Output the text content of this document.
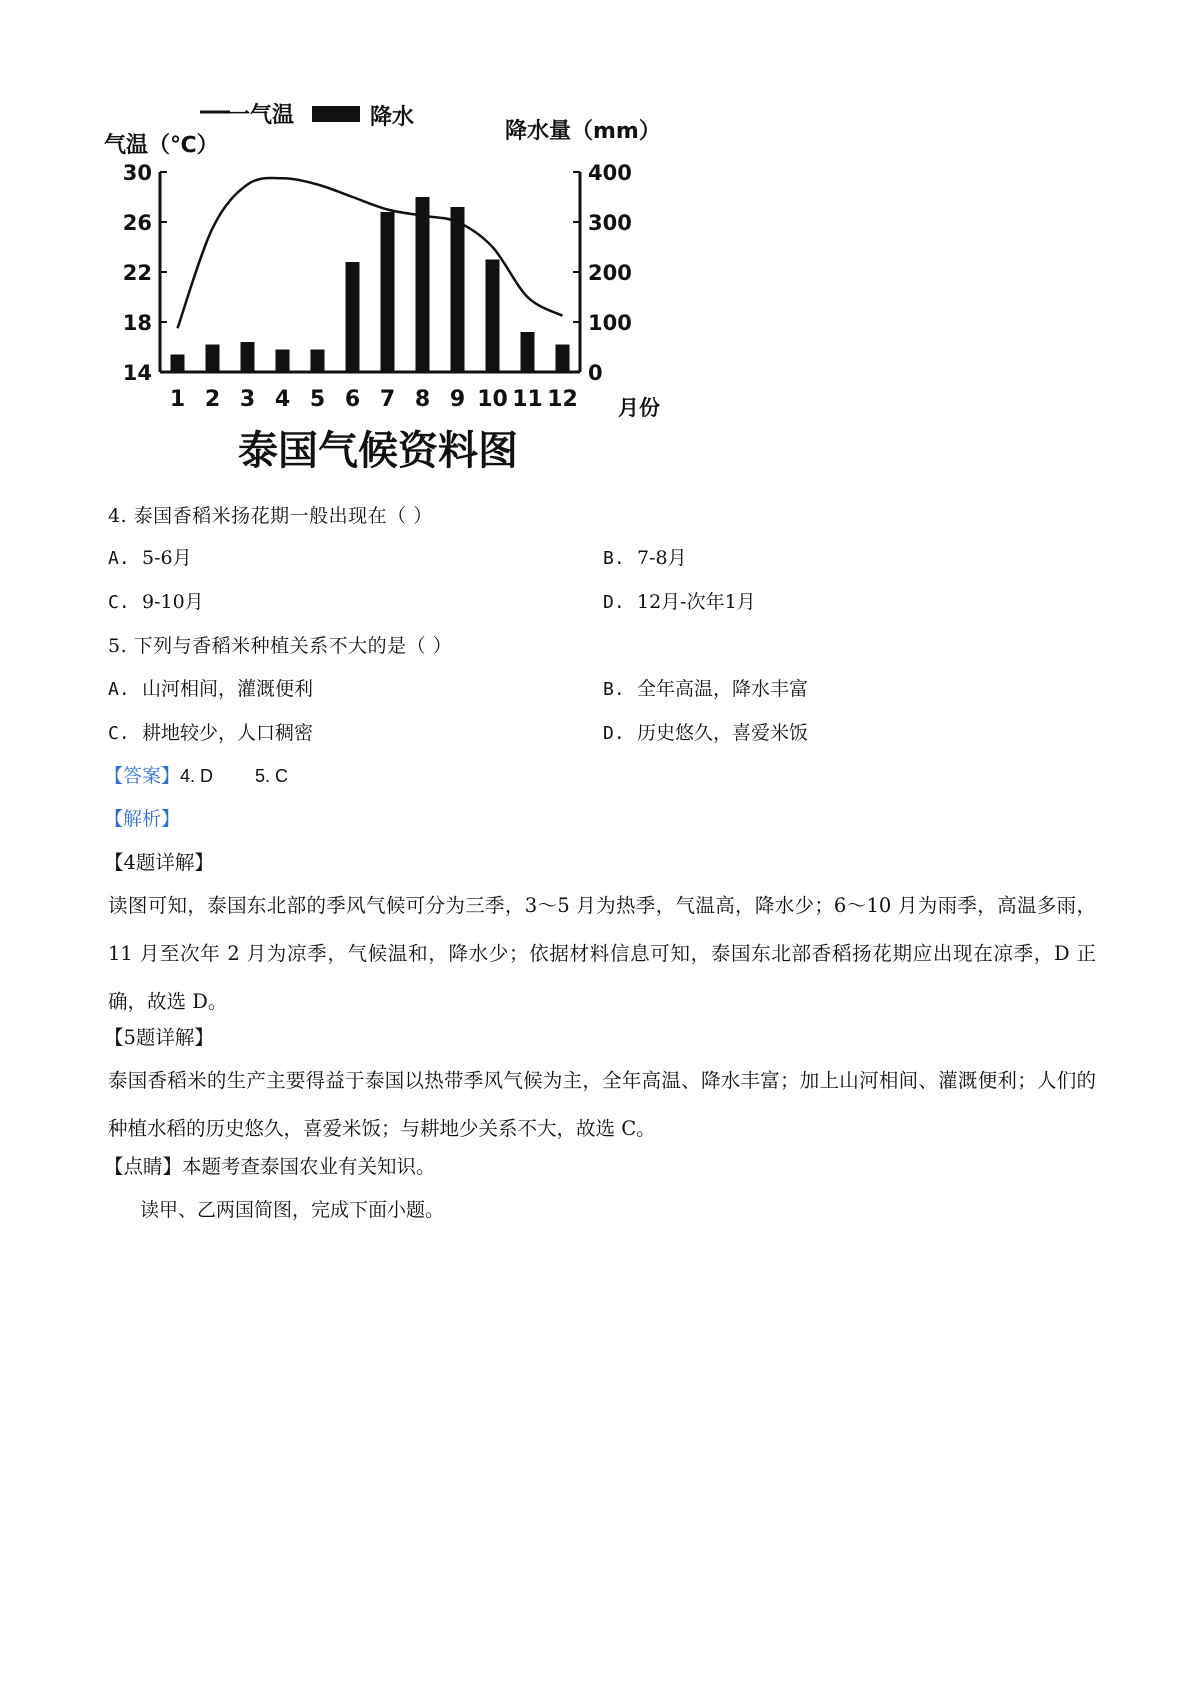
一气温	降水
气温（℃）
降水量（mm）
泰国气候资料图
月份
30
26
22
18
14
400
300
200
100
0
1 2 3 4 5 6 7 8 9 10 11 12
4. 泰国香稻米扬花期一般出现在（ ）
A. 5-6月	B. 7-8月
C. 9-10月	D. 12月-次年1月
5. 下列与香稻米种植关系不大的是（ ）
A. 山河相间，灌溉便利	B. 全年高温，降水丰富
C. 耕地较少，人口稠密	D. 历史悠久，喜爱米饭
【答案】4. D 5. C
【解析】
【4题详解】
读图可知，泰国东北部的季风气候可分为三季，3～5 月为热季，气温高，降水少；6～10 月为雨季，高温多雨，11 月至次年 2 月为凉季，气候温和，降水少；依据材料信息可知，泰国东北部香稻扬花期应出现在凉季，D 正确，故选 D。
【5题详解】
泰国香稻米的生产主要得益于泰国以热带季风气候为主，全年高温、降水丰富；加上山河相间、灌溉便利；人们的种植水稻的历史悠久，喜爱米饭；与耕地少关系不大，故选 C。
【点睛】本题考查泰国农业有关知识。
读甲、乙两国简图，完成下面小题。
